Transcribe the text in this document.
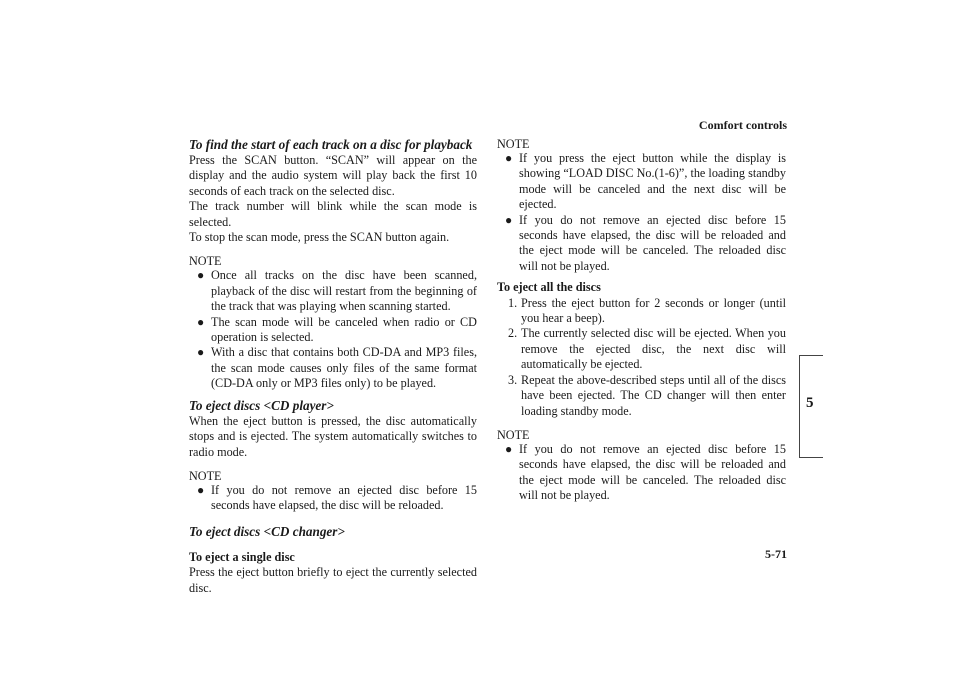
Comfort controls
5
To find the start of each track on a disc for playback

Press the SCAN button. “SCAN” will appear on the display and the audio system will play back the first 10 seconds of each track on the selected disc.

The track number will blink while the scan mode is selected.

To stop the scan mode, press the SCAN button again.

NOTE
● Once all tracks on the disc have been scanned, playback of the disc will restart from the beginning of the track that was playing when scanning started.
● The scan mode will be canceled when radio or CD operation is selected.
● With a disc that contains both CD-DA and MP3 files, the scan mode causes only files of the same format (CD-DA only or MP3 files only) to be played.
To eject discs <CD player>

When the eject button is pressed, the disc automatically stops and is ejected. The system automatically switches to radio mode.

NOTE
● If you do not remove an ejected disc before 15 seconds have elapsed, the disc will be reloaded.
To eject discs <CD changer>
To eject a single disc

Press the eject button briefly to eject the currently selected disc.

NOTE
● If you press the eject button while the display is showing “LOAD DISC No.(1-6)”, the loading standby mode will be canceled and the next disc will be ejected.
● If you do not remove an ejected disc before 15 seconds have elapsed, the disc will be reloaded and the eject mode will be canceled. The reloaded disc will not be played.
To eject all the discs
1. Press the eject button for 2 seconds or longer (until you hear a beep).
2. The currently selected disc will be ejected. When you remove the ejected disc, the next disc will automatically be ejected.
3. Repeat the above-described steps until all of the discs have been ejected. The CD changer will then enter loading standby mode.
NOTE
● If you do not remove an ejected disc before 15 seconds have elapsed, the disc will be reloaded and the eject mode will be canceled. The reloaded disc will not be played.
5-71
